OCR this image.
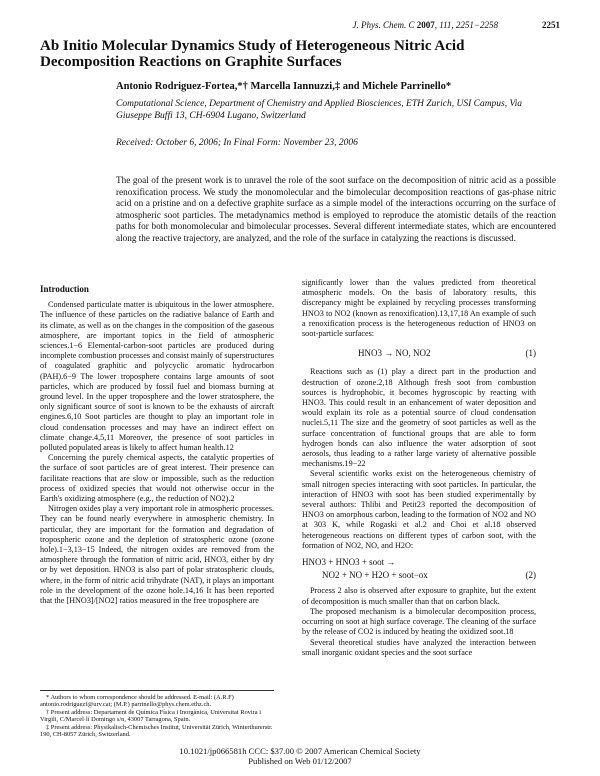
J. Phys. Chem. C 2007, 111, 2251−2258	2251
Ab Initio Molecular Dynamics Study of Heterogeneous Nitric Acid Decomposition Reactions on Graphite Surfaces
Antonio Rodriguez-Fortea,*† Marcella Iannuzzi,‡ and Michele Parrinello*
Computational Science, Department of Chemistry and Applied Biosciences, ETH Zurich, USI Campus, Via Giuseppe Buffi 13, CH-6904 Lugano, Switzerland
Received: October 6, 2006; In Final Form: November 23, 2006

The goal of the present work is to unravel the role of the soot surface on the decomposition of nitric acid as a possible renoxification process. We study the monomolecular and the bimolecular decomposition reactions of gas-phase nitric acid on a pristine and on a defective graphite surface as a simple model of the interactions occurring on the surface of atmospheric soot particles. The metadynamics method is employed to reproduce the atomistic details of the reaction paths for both monomolecular and bimolecular processes. Several different intermediate states, which are encountered along the reactive trajectory, are analyzed, and the role of the surface in catalyzing the reactions is discussed.

Introduction

Condensed particulate matter is ubiquitous in the lower atmosphere. The influence of these particles on the radiative balance of Earth and its climate, as well as on the changes in the composition of the gaseous atmosphere, are important topics in the field of atmospheric sciences.1−6 Elemental-carbon-soot particles are produced during incomplete combustion processes and consist mainly of superstructures of coagulated graphitic and polycyclic aromatic hydrocarbon (PAH).6−9 The lower troposphere contains large amounts of soot particles, which are produced by fossil fuel and biomass burning at ground level. In the upper troposphere and the lower stratosphere, the only significant source of soot is known to be the exhausts of aircraft engines.6,10 Soot particles are thought to play an important role in cloud condensation processes and may have an indirect effect on climate change.4,5,11 Moreover, the presence of soot particles in polluted populated areas is likely to affect human health.12

Concerning the purely chemical aspects, the catalytic properties of the surface of soot particles are of great interest. Their presence can facilitate reactions that are slow or impossible, such as the reduction process of oxidized species that would not otherwise occur in the Earth's oxidizing atmosphere (e.g., the reduction of NO2).2

Nitrogen oxides play a very important role in atmospheric processes. They can be found nearly everywhere in atmospheric chemistry. In particular, they are important for the formation and degradation of tropospheric ozone and the depletion of stratospheric ozone (ozone hole).1−3,13−15 Indeed, the nitrogen oxides are removed from the atmosphere through the formation of nitric acid, HNO3, either by dry or by wet deposition. HNO3 is also part of polar stratospheric clouds, where, in the form of nitric acid trihydrate (NAT), it plays an important role in the development of the ozone hole.14,16 It has been reported that the [HNO3]/[NO2] ratios measured in the free troposphere are

significantly lower than the values predicted from theoretical atmospheric models. On the basis of laboratory results, this discrepancy might be explained by recycling processes transforming HNO3 to NO2 (known as renoxification).13,17,18 An example of such a renoxification process is the heterogeneous reduction of HNO3 on soot-particle surfaces:

HNO3 → NO, NO2	(1)

Reactions such as (1) play a direct part in the production and destruction of ozone.2,18 Although fresh soot from combustion sources is hydrophobic, it becomes hygroscopic by reacting with HNO3. This could result in an enhancement of water deposition and would explain its role as a potential source of cloud condensation nuclei.5,11 The size and the geometry of soot particles as well as the surface concentration of functional groups that are able to form hydrogen bonds can also influence the water adsorption of soot aerosols, thus leading to a rather large variety of alternative possible mechanisms.19−22

Several scientific works exist on the heterogeneous chemistry of small nitrogen species interacting with soot particles. In particular, the interaction of HNO3 with soot has been studied experimentally by several authors: Thlibi and Petit23 reported the decomposition of HNO3 on amorphous carbon, leading to the formation of NO2 and NO at 303 K, while Rogaski et al.2 and Choi et al.18 observed heterogeneous reactions on different types of carbon soot, with the formation of NO2, NO, and H2O:

HNO3 + HNO3 + soot →
NO2 + NO + H2O + soot−ox	(2)

Process 2 also is observed after exposure to graphite, but the extent of decomposition is much smaller than that on carbon black.

The proposed mechanism is a bimolecular decomposition process, occurring on soot at high surface coverage. The cleaning of the surface by the release of CO2 is induced by heating the oxidized soot.18

Several theoretical studies have analyzed the interaction between small inorganic oxidant species and the soot surface

* Authors to whom correspondence should be addressed. E-mail: (A.R.F) antonio.rodriguezf@urv.cat; (M.P.) parrinello@phys.chem.ethz.ch.
† Present address: Departament de Química Física i Inorgànica, Universitat Rovira i Virgili, C/Marcel·lí Domingo s/n, 43007 Tarragona, Spain.
‡ Present address: Physikalisch-Chemisches Institut, Universität Zürich, Winterthurerstr. 190, CH-8057 Zürich, Switzerland.
10.1021/jp066581h CCC: $37.00 © 2007 American Chemical Society
Published on Web 01/12/2007
